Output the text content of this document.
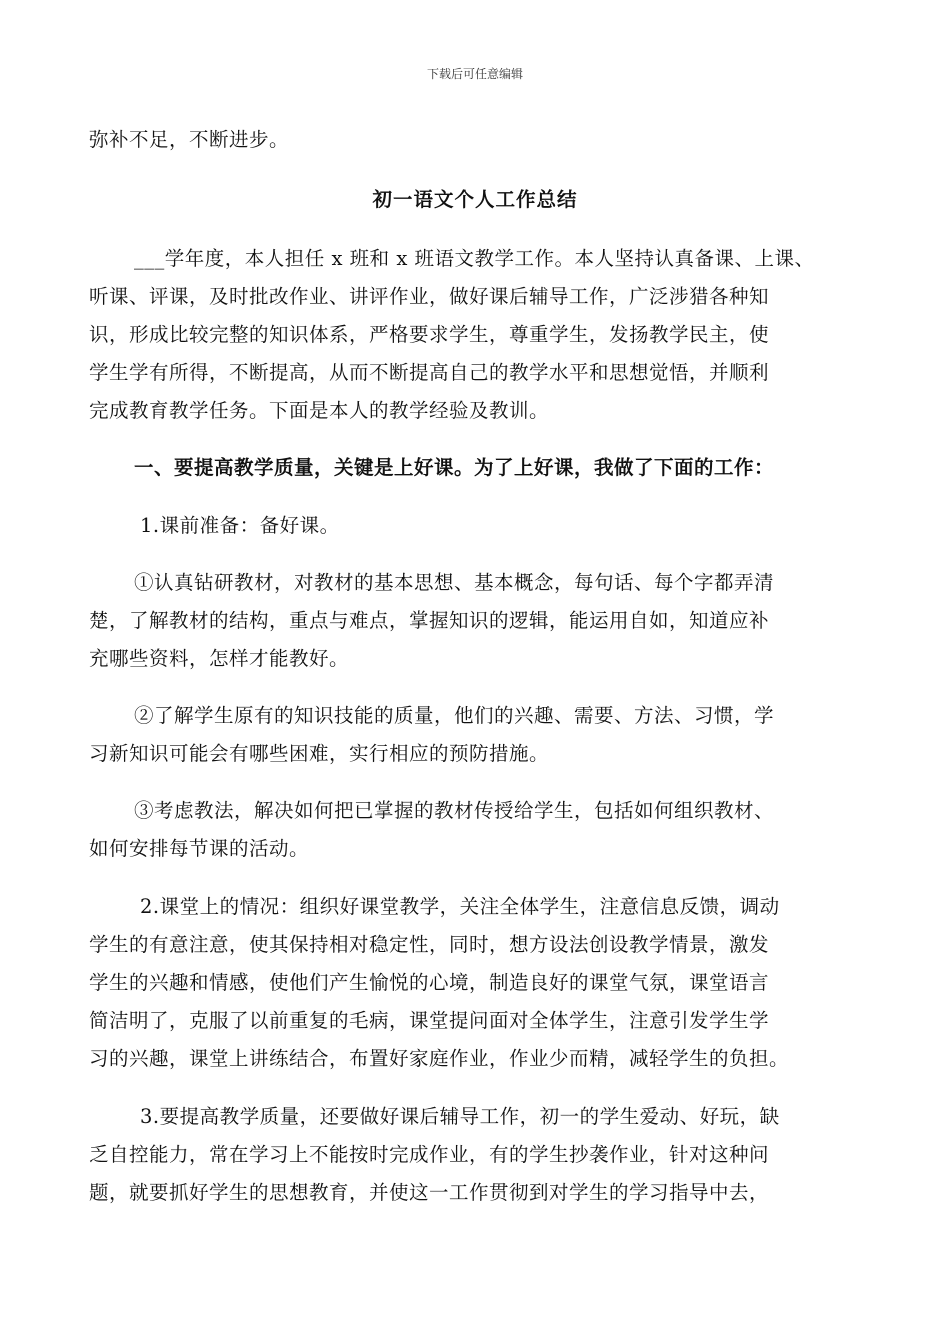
下载后可任意编辑
弥补不足，不断进步。
初一语文个人工作总结
___学年度，本人担任 x 班和 x 班语文教学工作。本人坚持认真备课、上课、
听课、评课，及时批改作业、讲评作业，做好课后辅导工作，广泛涉猎各种知
识，形成比较完整的知识体系，严格要求学生，尊重学生，发扬教学民主，使
学生学有所得，不断提高，从而不断提高自己的教学水平和思想觉悟，并顺利
完成教育教学任务。下面是本人的教学经验及教训。
一、要提高教学质量，关键是上好课。为了上好课，我做了下面的工作：
1.课前准备：备好课。
①认真钻研教材，对教材的基本思想、基本概念，每句话、每个字都弄清
楚，了解教材的结构，重点与难点，掌握知识的逻辑，能运用自如，知道应补
充哪些资料，怎样才能教好。
②了解学生原有的知识技能的质量，他们的兴趣、需要、方法、习惯，学
习新知识可能会有哪些困难，实行相应的预防措施。
③考虑教法，解决如何把已掌握的教材传授给学生，包括如何组织教材、
如何安排每节课的活动。
2.课堂上的情况：组织好课堂教学，关注全体学生，注意信息反馈，调动
学生的有意注意，使其保持相对稳定性，同时，想方设法创设教学情景，激发
学生的兴趣和情感，使他们产生愉悦的心境，制造良好的课堂气氛，课堂语言
简洁明了，克服了以前重复的毛病，课堂提问面对全体学生，注意引发学生学
习的兴趣，课堂上讲练结合，布置好家庭作业，作业少而精，减轻学生的负担。
3.要提高教学质量，还要做好课后辅导工作，初一的学生爱动、好玩，缺
乏自控能力，常在学习上不能按时完成作业，有的学生抄袭作业，针对这种问
题，就要抓好学生的思想教育，并使这一工作贯彻到对学生的学习指导中去，
